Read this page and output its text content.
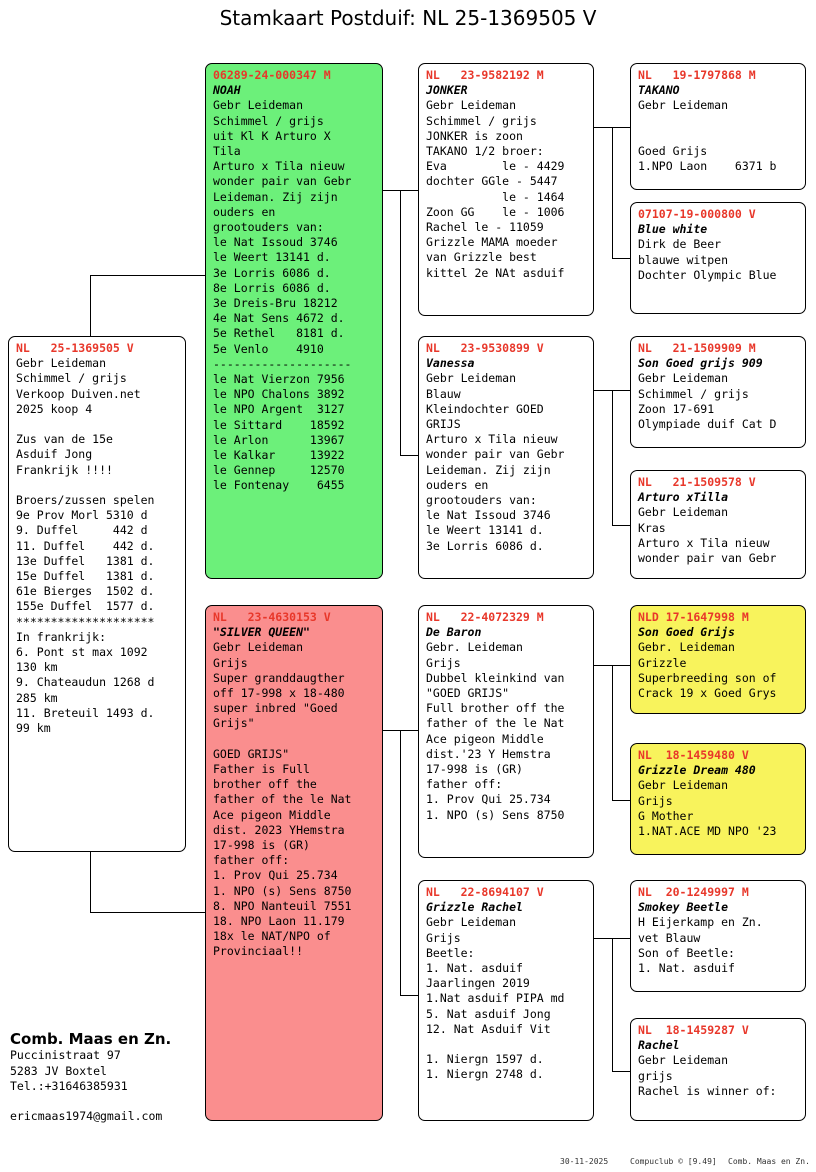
Stamkaart Postduif: NL 25-1369505 V
NL   25-1369505 V
Gebr Leideman
Schimmel / grijs
Verkoop Duiven.net
2025 koop 4

Zus van de 15e
Asduif Jong
Frankrijk !!!!

Broers/zussen spelen
9e Prov Morl 5310 d
9. Duffel     442 d
11. Duffel    442 d.
13e Duffel   1381 d.
15e Duffel   1381 d.
61e Bierges  1502 d.
155e Duffel  1577 d.
********************
In frankrijk:
6. Pont st max 1092
130 km
9. Chateaudun 1268 d
285 km
11. Breteuil 1493 d.
99 km
06289-24-000347 M
NOAH
Gebr Leideman
Schimmel / grijs
uit Kl K Arturo X
Tila
Arturo x Tila nieuw
wonder pair van Gebr
Leideman. Zij zijn
ouders en
grootouders van:
le Nat Issoud 3746
le Weert 13141 d.
3e Lorris 6086 d.
8e Lorris 6086 d.
3e Dreis-Bru 18212
4e Nat Sens 4672 d.
5e Rethel   8181 d.
5e Venlo    4910
--------------------
le Nat Vierzon 7956
le NPO Chalons 3892
le NPO Argent  3127
le Sittard    18592
le Arlon      13967
le Kalkar     13922
le Gennep     12570
le Fontenay    6455
NL   23-4630153 V
"SILVER QUEEN"
Gebr Leideman
Grijs
Super granddaugther
off 17-998 x 18-480
super inbred "Goed
Grijs"

GOED GRIJS"
Father is Full
brother off the
father of the le Nat
Ace pigeon Middle
dist. 2023 YHemstra
17-998 is (GR)
father off:
1. Prov Qui 25.734
1. NPO (s) Sens 8750
8. NPO Nanteuil 7551
18. NPO Laon 11.179
18x le NAT/NPO of
Provinciaal!!
NL   23-9582192 M
JONKER
Gebr Leideman
Schimmel / grijs
JONKER is zoon
TAKANO 1/2 broer:
Eva        le - 4429
dochter GGle - 5447
le - 1464
Zoon GG    le - 1006
Rachel le - 11059
Grizzle MAMA moeder
van Grizzle best
kittel 2e NAt asduif
NL   23-9530899 V
Vanessa
Gebr Leideman
Blauw
Kleindochter GOED
GRIJS
Arturo x Tila nieuw
wonder pair van Gebr
Leideman. Zij zijn
ouders en
grootouders van:
le Nat Issoud 3746
le Weert 13141 d.
3e Lorris 6086 d.
NL   22-4072329 M
De Baron
Gebr. Leideman
Grijs
Dubbel kleinkind van
"GOED GRIJS"
Full brother off the
father of the le Nat
Ace pigeon Middle
dist.'23 Y Hemstra
17-998 is (GR)
father off:
1. Prov Qui 25.734
1. NPO (s) Sens 8750
NL   22-8694107 V
Grizzle Rachel
Gebr Leideman
Grijs
Beetle:
1. Nat. asduif
Jaarlingen 2019
1.Nat asduif PIPA md
5. Nat asduif Jong
12. Nat Asduif Vit

1. Niergn 1597 d.
1. Niergn 2748 d.
NL   19-1797868 M
TAKANO
Gebr Leideman

Goed Grijs
1.NPO Laon    6371 b
07107-19-000800 V
Blue white
Dirk de Beer
blauwe witpen
Dochter Olympic Blue
NL   21-1509909 M
Son Goed grijs 909
Gebr Leideman
Schimmel / grijs
Zoon 17-691
Olympiade duif Cat D
NL   21-1509578 V
Arturo xTilla
Gebr Leideman
Kras
Arturo x Tila nieuw
wonder pair van Gebr
NLD 17-1647998 M
Son Goed Grijs
Gebr. Leideman
Grizzle
Superbreeding son of
Crack 19 x Goed Grys
NL  18-1459480 V
Grizzle Dream 480
Gebr Leideman
Grijs
G Mother
1.NAT.ACE MD NPO '23
NL  20-1249997 M
Smokey Beetle
H Eijerkamp en Zn.
vet Blauw
Son of Beetle:
1. Nat. asduif
NL  18-1459287 V
Rachel
Gebr Leideman
grijs
Rachel is winner of:
Comb. Maas en Zn.
Puccinistraat 97
5283 JV Boxtel
Tel.:+31646385931
ericmaas1974@gmail.com
30-11-2025	Compuclub © [9.49] Comb. Maas en Zn.
